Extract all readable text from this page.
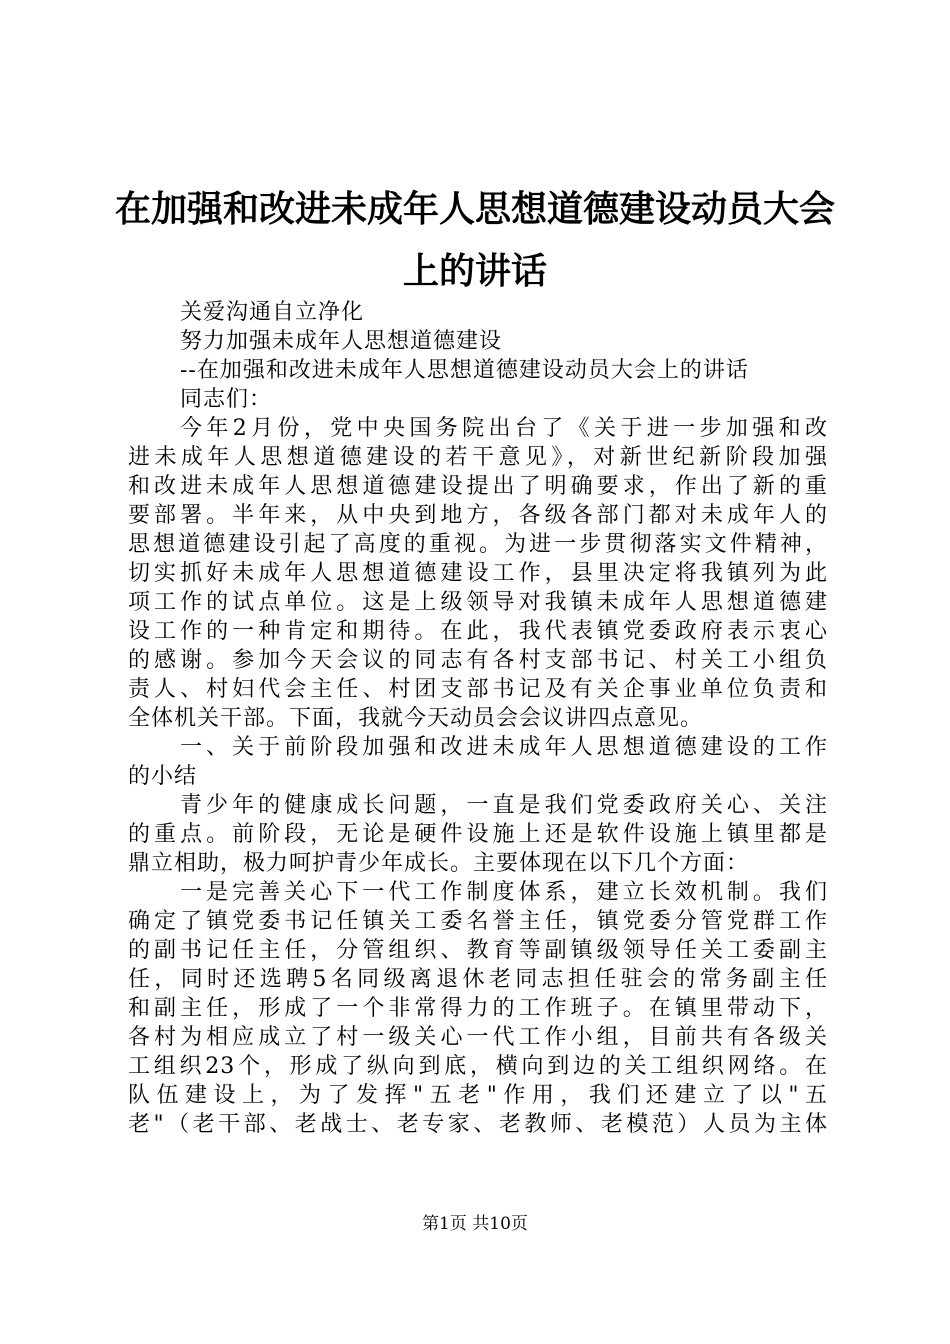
在加强和改进未成年人思想道德建设动员大会
上的讲话
关爱沟通自立净化
努力加强未成年人思想道德建设
--在加强和改进未成年人思想道德建设动员大会上的讲话
同志们：
今年2月份，党中央国务院出台了《关于进一步加强和改
进未成年人思想道德建设的若干意见》，对新世纪新阶段加强
和改进未成年人思想道德建设提出了明确要求，作出了新的重
要部署。半年来，从中央到地方，各级各部门都对未成年人的
思想道德建设引起了高度的重视。为进一步贯彻落实文件精神，
切实抓好未成年人思想道德建设工作，县里决定将我镇列为此
项工作的试点单位。这是上级领导对我镇未成年人思想道德建
设工作的一种肯定和期待。在此，我代表镇党委政府表示衷心
的感谢。参加今天会议的同志有各村支部书记、村关工小组负
责人、村妇代会主任、村团支部书记及有关企事业单位负责和
全体机关干部。下面，我就今天动员会会议讲四点意见。
一、关于前阶段加强和改进未成年人思想道德建设的工作
的小结
青少年的健康成长问题，一直是我们党委政府关心、关注
的重点。前阶段，无论是硬件设施上还是软件设施上镇里都是
鼎立相助，极力呵护青少年成长。主要体现在以下几个方面：
一是完善关心下一代工作制度体系，建立长效机制。我们
确定了镇党委书记任镇关工委名誉主任，镇党委分管党群工作
的副书记任主任，分管组织、教育等副镇级领导任关工委副主
任，同时还选聘5名同级离退休老同志担任驻会的常务副主任
和副主任，形成了一个非常得力的工作班子。在镇里带动下，
各村为相应成立了村一级关心一代工作小组，目前共有各级关
工组织23个，形成了纵向到底，横向到边的关工组织网络。在
队伍建设上，为了发挥"五老"作用，我们还建立了以"五
老"（老干部、老战士、老专家、老教师、老模范）人员为主体
第1页 共10页
